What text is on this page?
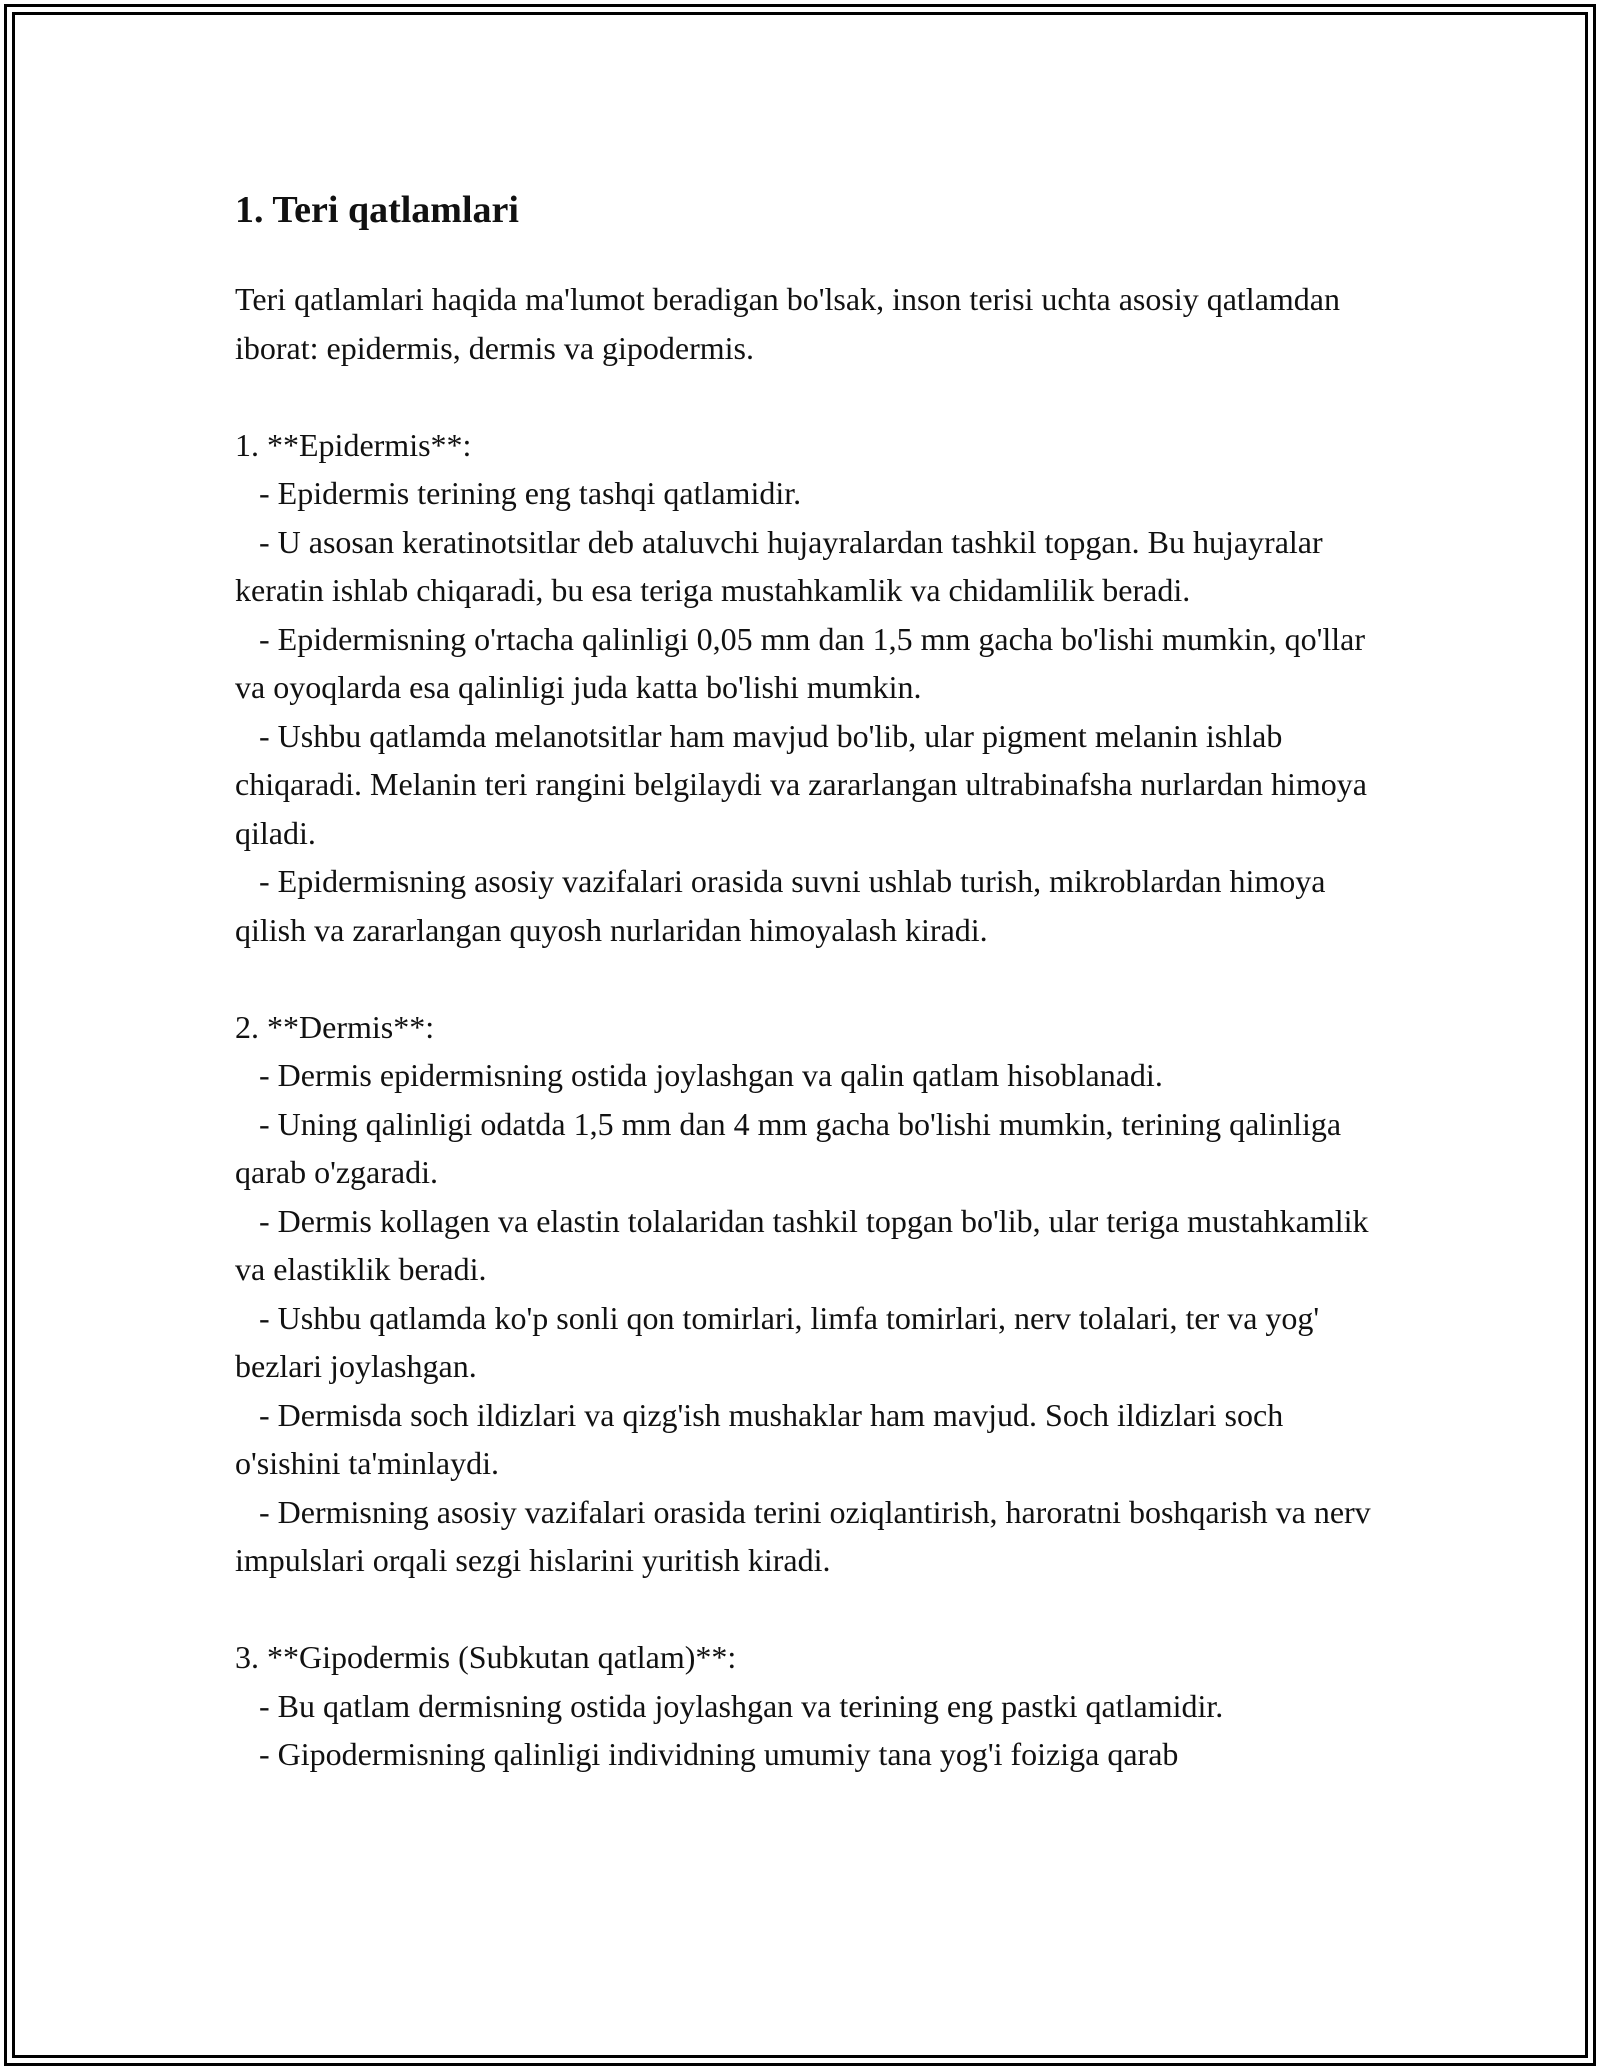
1. Teri qatlamlari

Teri qatlamlari haqida ma'lumot beradigan bo'lsak, inson terisi uchta asosiy qatlamdan iborat: epidermis, dermis va gipodermis.

1. **Epidermis**:

- Epidermis terining eng tashqi qatlamidir.

- U asosan keratinotsitlar deb ataluvchi hujayralardan tashkil topgan. Bu hujayralar keratin ishlab chiqaradi, bu esa teriga mustahkamlik va chidamlilik beradi.

- Epidermisning o'rtacha qalinligi 0,05 mm dan 1,5 mm gacha bo'lishi mumkin, qo'llar va oyoqlarda esa qalinligi juda katta bo'lishi mumkin.

- Ushbu qatlamda melanotsitlar ham mavjud bo'lib, ular pigment melanin ishlab chiqaradi. Melanin teri rangini belgilaydi va zararlangan ultrabinafsha nurlardan himoya qiladi.

- Epidermisning asosiy vazifalari orasida suvni ushlab turish, mikroblardan himoya qilish va zararlangan quyosh nurlaridan himoyalash kiradi.

2. **Dermis**:

- Dermis epidermisning ostida joylashgan va qalin qatlam hisoblanadi.

- Uning qalinligi odatda 1,5 mm dan 4 mm gacha bo'lishi mumkin, terining qalinliga qarab o'zgaradi.

- Dermis kollagen va elastin tolalaridan tashkil topgan bo'lib, ular teriga mustahkamlik va elastiklik beradi.

- Ushbu qatlamda ko'p sonli qon tomirlari, limfa tomirlari, nerv tolalari, ter va yog' bezlari joylashgan.

- Dermisda soch ildizlari va qizg'ish mushaklar ham mavjud. Soch ildizlari soch o'sishini ta'minlaydi.

- Dermisning asosiy vazifalari orasida terini oziqlantirish, haroratni boshqarish va nerv impulslari orqali sezgi hislarini yuritish kiradi.

3. **Gipodermis (Subkutan qatlam)**:

- Bu qatlam dermisning ostida joylashgan va terining eng pastki qatlamidir.

- Gipodermisning qalinligi individning umumiy tana yog'i foiziga qarab
